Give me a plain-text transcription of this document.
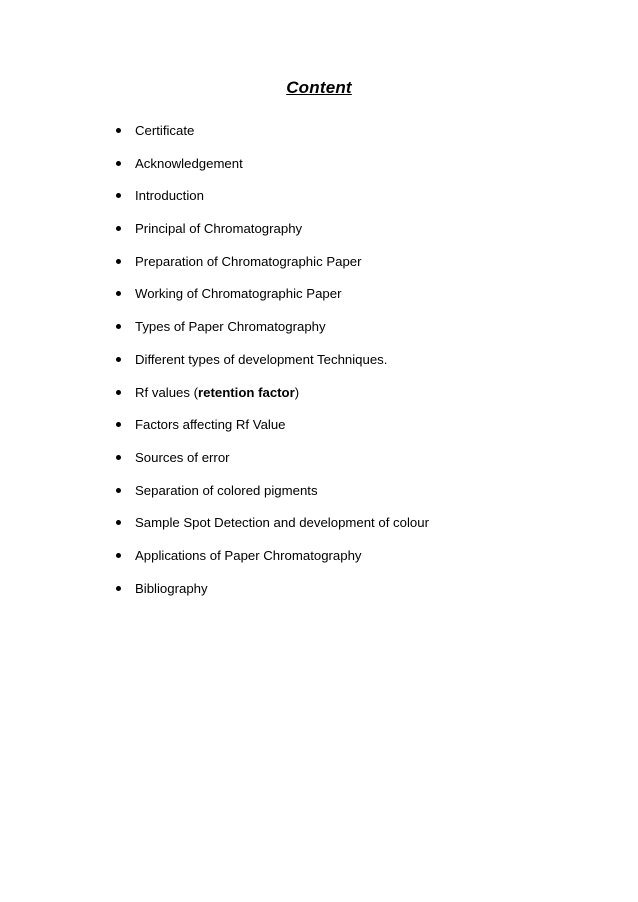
Content
Certificate
Acknowledgement
Introduction
Principal of Chromatography
Preparation of Chromatographic Paper
Working of Chromatographic Paper
Types of Paper Chromatography
Different types of development Techniques.
Rf values (retention factor)
Factors affecting Rf Value
Sources of error
Separation of colored pigments
Sample Spot Detection and development of colour
Applications of Paper Chromatography
Bibliography
